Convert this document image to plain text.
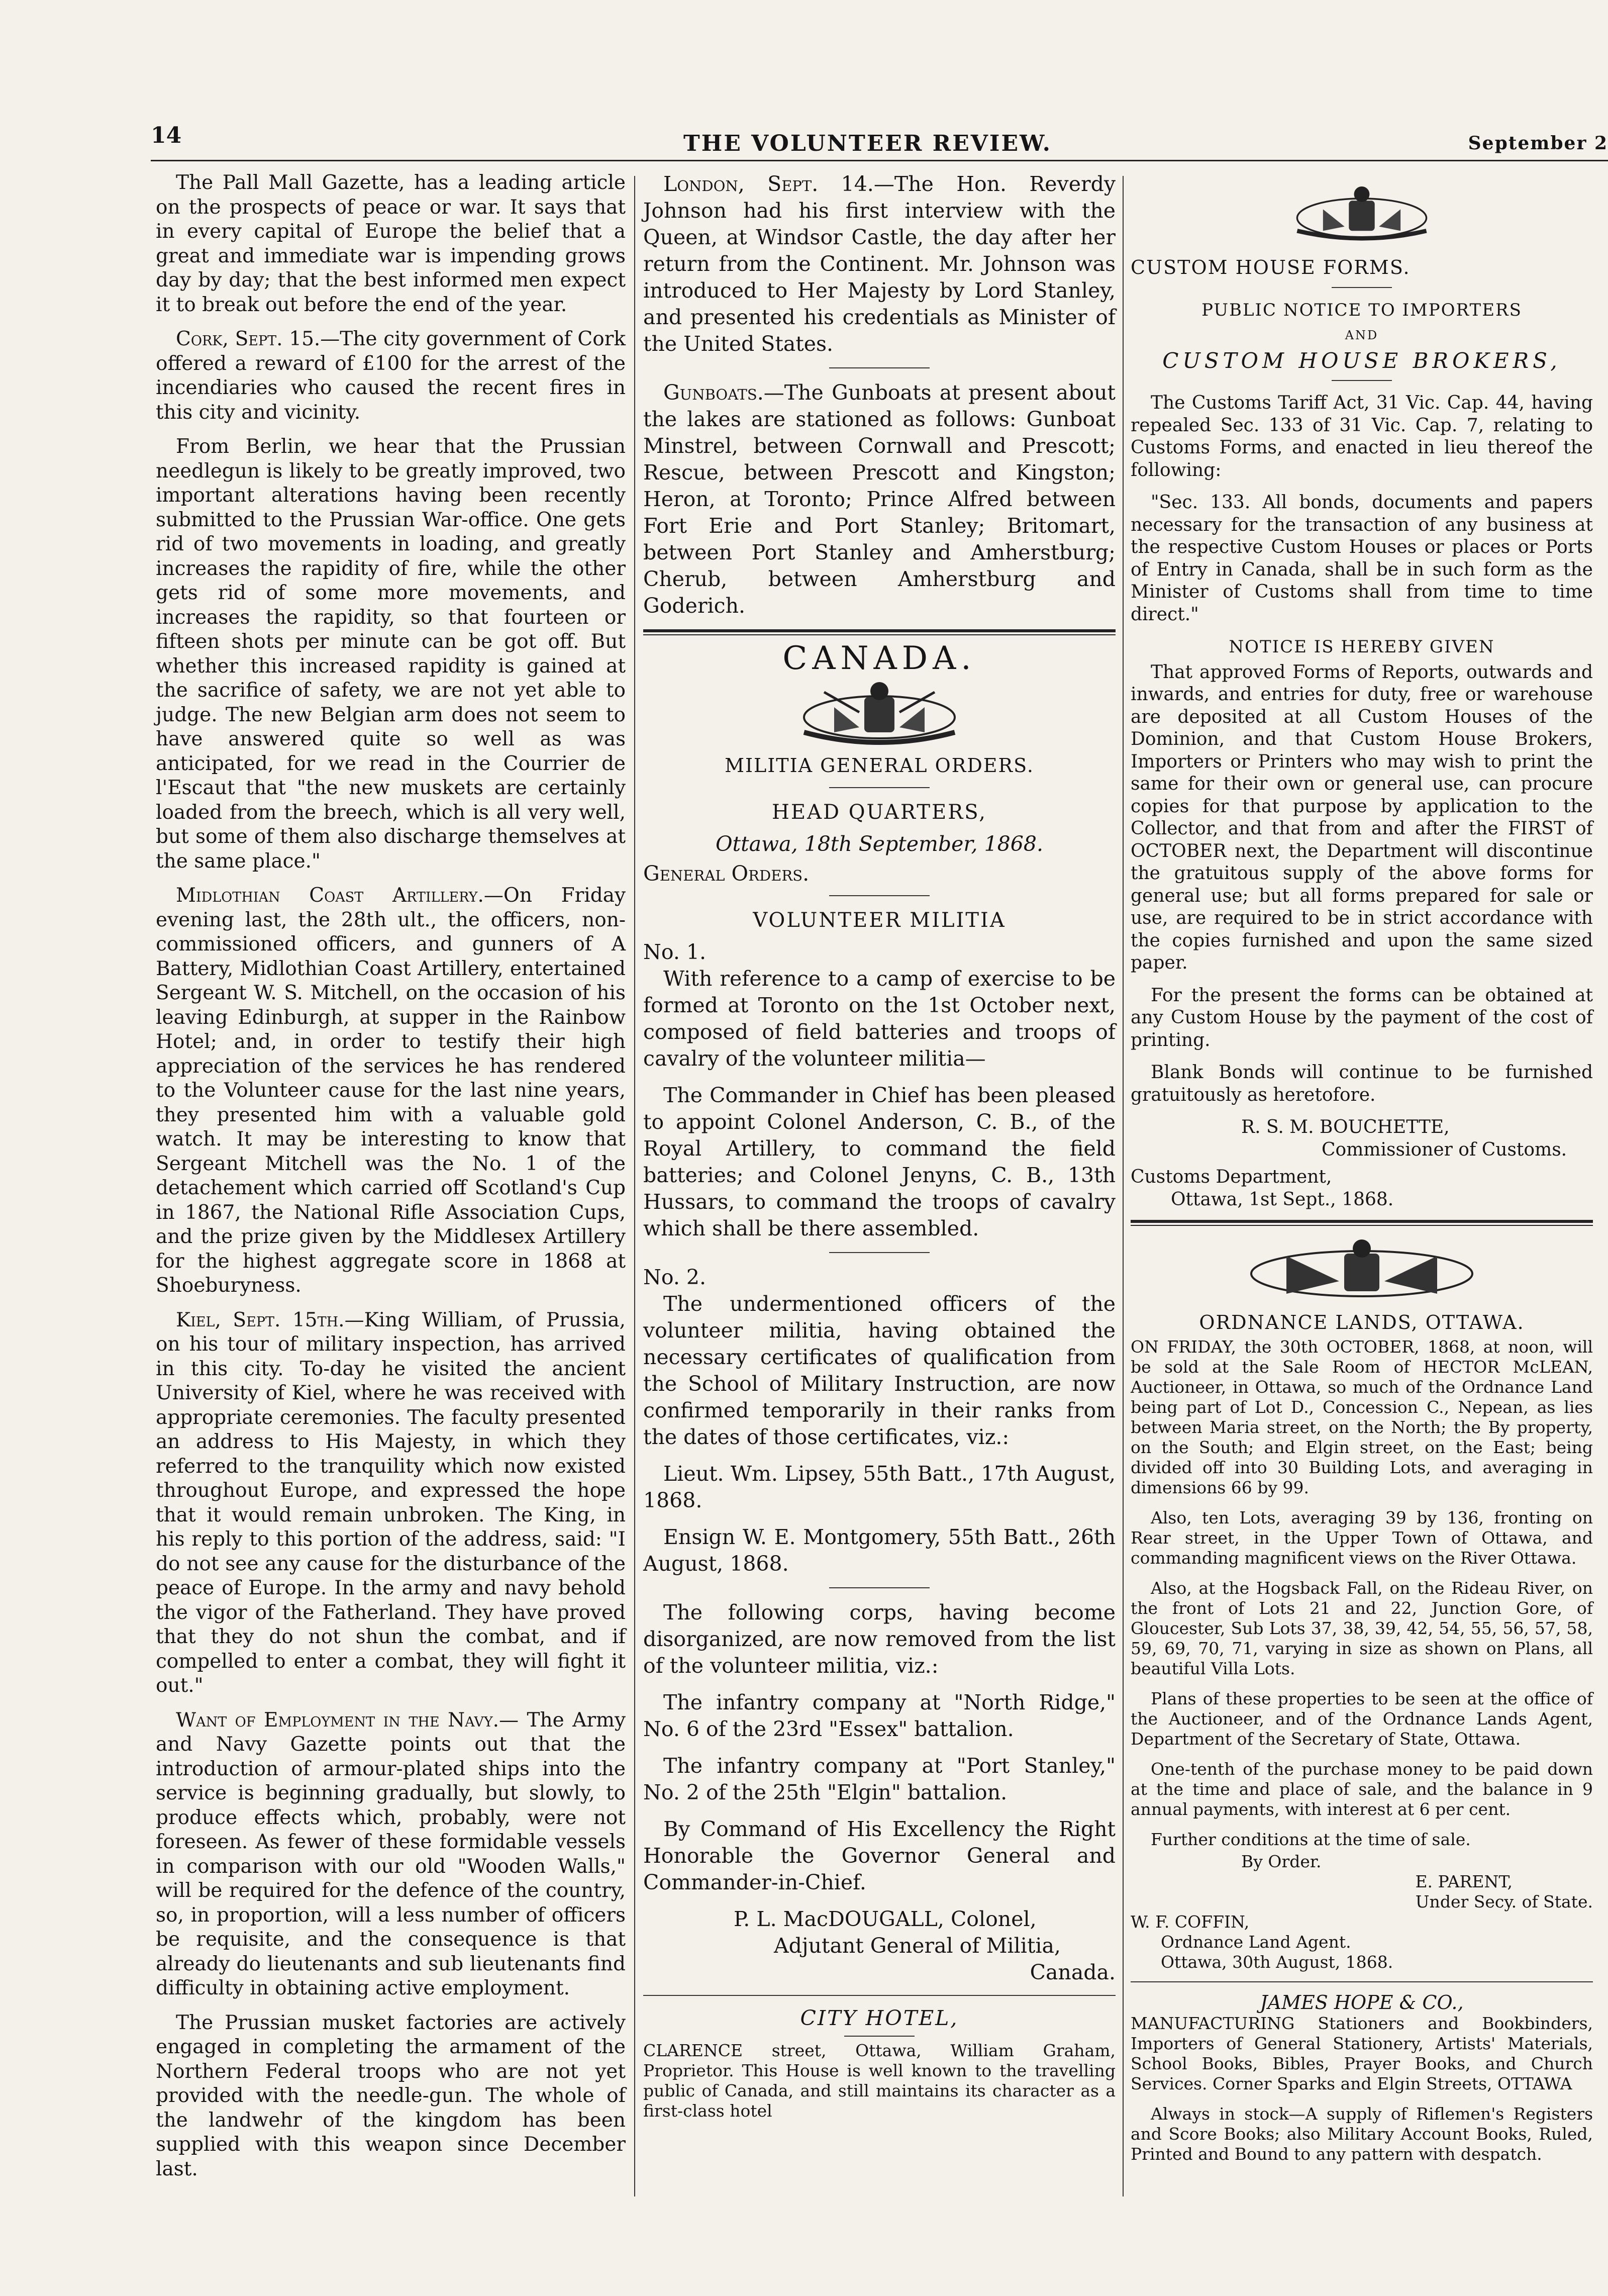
14	THE VOLUNTEER REVIEW.	September 2

The Pall Mall Gazette, has a leading article on the prospects of peace or war. It says that in every capital of Europe the belief that a great and immediate war is impending grows day by day; that the best informed men expect it to break out before the end of the year.

Cork, Sept. 15.—The city government of Cork offered a reward of £100 for the arrest of the incendiaries who caused the recent fires in this city and vicinity.

From Berlin, we hear that the Prussian needlegun is likely to be greatly improved, two important alterations having been recently submitted to the Prussian War-office. One gets rid of two movements in loading, and greatly increases the rapidity of fire, while the other gets rid of some more movements, and increases the rapidity, so that fourteen or fifteen shots per minute can be got off. But whether this increased rapidity is gained at the sacrifice of safety, we are not yet able to judge. The new Belgian arm does not seem to have answered quite so well as was anticipated, for we read in the Courrier de l'Escaut that "the new muskets are certainly loaded from the breech, which is all very well, but some of them also discharge themselves at the same place."

Midlothian Coast Artillery.—On Friday evening last, the 28th ult., the officers, non-commissioned officers, and gunners of A Battery, Midlothian Coast Artillery, entertained Sergeant W. S. Mitchell, on the occasion of his leaving Edinburgh, at supper in the Rainbow Hotel; and, in order to testify their high appreciation of the services he has rendered to the Volunteer cause for the last nine years, they presented him with a valuable gold watch. It may be interesting to know that Sergeant Mitchell was the No. 1 of the detachement which carried off Scotland's Cup in 1867, the National Rifle Association Cups, and the prize given by the Middlesex Artillery for the highest aggregate score in 1868 at Shoeburyness.

Kiel, Sept. 15th.—King William, of Prussia, on his tour of military inspection, has arrived in this city. To-day he visited the ancient University of Kiel, where he was received with appropriate ceremonies. The faculty presented an address to His Majesty, in which they referred to the tranquility which now existed throughout Europe, and expressed the hope that it would remain unbroken. The King, in his reply to this portion of the address, said: "I do not see any cause for the disturbance of the peace of Europe. In the army and navy behold the vigor of the Fatherland. They have proved that they do not shun the combat, and if compelled to enter a combat, they will fight it out."

Want of Employment in the Navy.— The Army and Navy Gazette points out that the introduction of armour-plated ships into the service is beginning gradually, but slowly, to produce effects which, probably, were not foreseen. As fewer of these formidable vessels in comparison with our old "Wooden Walls," will be required for the defence of the country, so, in proportion, will a less number of officers be requisite, and the consequence is that already do lieutenants and sub lieutenants find difficulty in obtaining active employment.

The Prussian musket factories are actively engaged in completing the armament of the Northern Federal troops who are not yet provided with the needle-gun. The whole of the landwehr of the kingdom has been supplied with this weapon since December last.

London, Sept. 14.—The Hon. Reverdy Johnson had his first interview with the Queen, at Windsor Castle, the day after her return from the Continent. Mr. Johnson was introduced to Her Majesty by Lord Stanley, and presented his credentials as Minister of the United States.

Gunboats.—The Gunboats at present about the lakes are stationed as follows: Gunboat Minstrel, between Cornwall and Prescott; Rescue, between Prescott and Kingston; Heron, at Toronto; Prince Alfred between Fort Erie and Port Stanley; Britomart, between Port Stanley and Amherstburg; Cherub, between Amherstburg and Goderich.

CANADA.
MILITIA GENERAL ORDERS.
HEAD QUARTERS,
Ottawa, 18th September, 1868.
General Orders.
VOLUNTEER MILITIA
No. 1.

With reference to a camp of exercise to be formed at Toronto on the 1st October next, composed of field batteries and troops of cavalry of the volunteer militia—

The Commander in Chief has been pleased to appoint Colonel Anderson, C. B., of the Royal Artillery, to command the field batteries; and Colonel Jenyns, C. B., 13th Hussars, to command the troops of cavalry which shall be there assembled.

No. 2.

The undermentioned officers of the volunteer militia, having obtained the necessary certificates of qualification from the School of Military Instruction, are now confirmed temporarily in their ranks from the dates of those certificates, viz.:

Lieut. Wm. Lipsey, 55th Batt., 17th August, 1868.

Ensign W. E. Montgomery, 55th Batt., 26th August, 1868.

The following corps, having become disorganized, are now removed from the list of the volunteer militia, viz.:

The infantry company at "North Ridge," No. 6 of the 23rd "Essex" battalion.

The infantry company at "Port Stanley," No. 2 of the 25th "Elgin" battalion.

By Command of His Excellency the Right Honorable the Governor General and Commander-in-Chief.

P. L. MacDOUGALL, Colonel,
Adjutant General of Militia,
Canada.
CITY HOTEL,

CLARENCE street, Ottawa, William Graham, Proprietor. This House is well known to the travelling public of Canada, and still maintains its character as a first-class hotel

CUSTOM HOUSE FORMS.
PUBLIC NOTICE TO IMPORTERS
AND
CUSTOM HOUSE BROKERS,

The Customs Tariff Act, 31 Vic. Cap. 44, having repealed Sec. 133 of 31 Vic. Cap. 7, relating to Customs Forms, and enacted in lieu thereof the following:

"Sec. 133. All bonds, documents and papers necessary for the transaction of any business at the respective Custom Houses or places or Ports of Entry in Canada, shall be in such form as the Minister of Customs shall from time to time direct."

NOTICE IS HEREBY GIVEN

That approved Forms of Reports, outwards and inwards, and entries for duty, free or warehouse are deposited at all Custom Houses of the Dominion, and that Custom House Brokers, Importers or Printers who may wish to print the same for their own or general use, can procure copies for that purpose by application to the Collector, and that from and after the FIRST of OCTOBER next, the Department will discontinue the gratuitous supply of the above forms for general use; but all forms prepared for sale or use, are required to be in strict accordance with the copies furnished and upon the same sized paper.

For the present the forms can be obtained at any Custom House by the payment of the cost of printing.

Blank Bonds will continue to be furnished gratuitously as heretofore.

R. S. M. BOUCHETTE,
Commissioner of Customs.
Customs Department,
Ottawa, 1st Sept., 1868.
ORDNANCE LANDS, OTTAWA.

ON FRIDAY, the 30th OCTOBER, 1868, at noon, will be sold at the Sale Room of HECTOR McLEAN, Auctioneer, in Ottawa, so much of the Ordnance Land being part of Lot D., Concession C., Nepean, as lies between Maria street, on the North; the By property, on the South; and Elgin street, on the East; being divided off into 30 Building Lots, and averaging in dimensions 66 by 99.

Also, ten Lots, averaging 39 by 136, fronting on Rear street, in the Upper Town of Ottawa, and commanding magnificent views on the River Ottawa.

Also, at the Hogsback Fall, on the Rideau River, on the front of Lots 21 and 22, Junction Gore, of Gloucester, Sub Lots 37, 38, 39, 42, 54, 55, 56, 57, 58, 59, 69, 70, 71, varying in size as shown on Plans, all beautiful Villa Lots.

Plans of these properties to be seen at the office of the Auctioneer, and of the Ordnance Lands Agent, Department of the Secretary of State, Ottawa.

One-tenth of the purchase money to be paid down at the time and place of sale, and the balance in 9 annual payments, with interest at 6 per cent.

Further conditions at the time of sale.

By Order.
E. PARENT,
Under Secy. of State.
W. F. COFFIN,
Ordnance Land Agent.
Ottawa, 30th August, 1868.
JAMES HOPE & CO.,

MANUFACTURING Stationers and Bookbinders, Importers of General Stationery, Artists' Materials, School Books, Bibles, Prayer Books, and Church Services. Corner Sparks and Elgin Streets, OTTAWA

Always in stock—A supply of Riflemen's Registers and Score Books; also Military Account Books, Ruled, Printed and Bound to any pattern with despatch.
